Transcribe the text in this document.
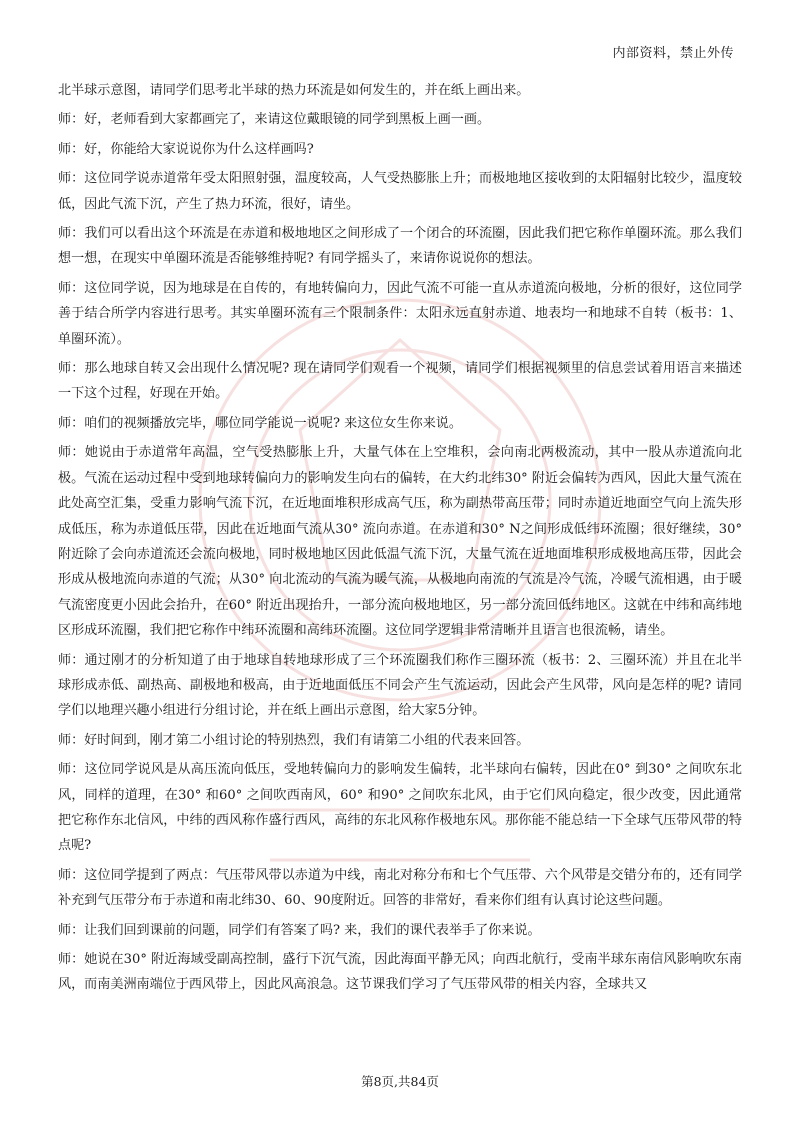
内部资料，禁止外传

北半球示意图，请同学们思考北半球的热力环流是如何发生的，并在纸上画出来。

师：好，老师看到大家都画完了，来请这位戴眼镜的同学到黑板上画一画。

师：好，你能给大家说说你为什么这样画吗?

师：这位同学说赤道常年受太阳照射强，温度较高，人气受热膨胀上升；而极地地区接收到的太阳辐射比较少，温度较低，因此气流下沉，产生了热力环流，很好，请坐。

师：我们可以看出这个环流是在赤道和极地地区之间形成了一个闭合的环流圈，因此我们把它称作单圈环流。那么我们想一想，在现实中单圈环流是否能够维持呢? 有同学摇头了，来请你说说你的想法。

师：这位同学说，因为地球是在自传的，有地转偏向力，因此气流不可能一直从赤道流向极地，分析的很好，这位同学善于结合所学内容进行思考。其实单圈环流有三个限制条件：太阳永远直射赤道、地表均一和地球不自转（板书：1、单圈环流）。

师：那么地球自转又会出现什么情况呢? 现在请同学们观看一个视频，请同学们根据视频里的信息尝试着用语言来描述一下这个过程，好现在开始。

师：咱们的视频播放完毕，哪位同学能说一说呢? 来这位女生你来说。

师：她说由于赤道常年高温，空气受热膨胀上升，大量气体在上空堆积，会向南北两极流动，其中一股从赤道流向北极。气流在运动过程中受到地球转偏向力的影响发生向右的偏转，在大约北纬30° 附近会偏转为西风，因此大量气流在此处高空汇集，受重力影响气流下沉，在近地面堆积形成高气压，称为副热带高压带；同时赤道近地面空气向上流失形成低压，称为赤道低压带，因此在近地面气流从30° 流向赤道。在赤道和30° N之间形成低纬环流圈；很好继续，30° 附近除了会向赤道流还会流向极地，同时极地地区因此低温气流下沉，大量气流在近地面堆积形成极地高压带，因此会形成从极地流向赤道的气流；从30° 向北流动的气流为暖气流，从极地向南流的气流是冷气流，冷暖气流相遇，由于暖气流密度更小因此会抬升，在60° 附近出现抬升，一部分流向极地地区，另一部分流回低纬地区。这就在中纬和高纬地区形成环流圈，我们把它称作中纬环流圈和高纬环流圈。这位同学逻辑非常清晰并且语言也很流畅，请坐。

师：通过刚才的分析知道了由于地球自转地球形成了三个环流圈我们称作三圈环流（板书：2、三圈环流）并且在北半球形成赤低、副热高、副极地和极高，由于近地面低压不同会产生气流运动，因此会产生风带，风向是怎样的呢? 请同学们以地理兴趣小组进行分组讨论，并在纸上画出示意图，给大家5分钟。

师：好时间到，刚才第二小组讨论的特别热烈，我们有请第二小组的代表来回答。

师：这位同学说风是从高压流向低压，受地转偏向力的影响发生偏转，北半球向右偏转，因此在0° 到30° 之间吹东北风，同样的道理，在30° 和60° 之间吹西南风，60° 和90° 之间吹东北风，由于它们风向稳定，很少改变，因此通常把它称作东北信风，中纬的西风称作盛行西风，高纬的东北风称作极地东风。那你能不能总结一下全球气压带风带的特点呢?

师：这位同学提到了两点：气压带风带以赤道为中线，南北对称分布和七个气压带、六个风带是交错分布的，还有同学补充到气压带分布于赤道和南北纬30、60、90度附近。回答的非常好，看来你们组有认真讨论这些问题。

师：让我们回到课前的问题，同学们有答案了吗? 来，我们的课代表举手了你来说。

师：她说在30° 附近海域受副高控制，盛行下沉气流，因此海面平静无风；向西北航行，受南半球东南信风影响吹东南风，而南美洲南端位于西风带上，因此风高浪急。这节课我们学习了气压带风带的相关内容，全球共又

第8页,共84页
